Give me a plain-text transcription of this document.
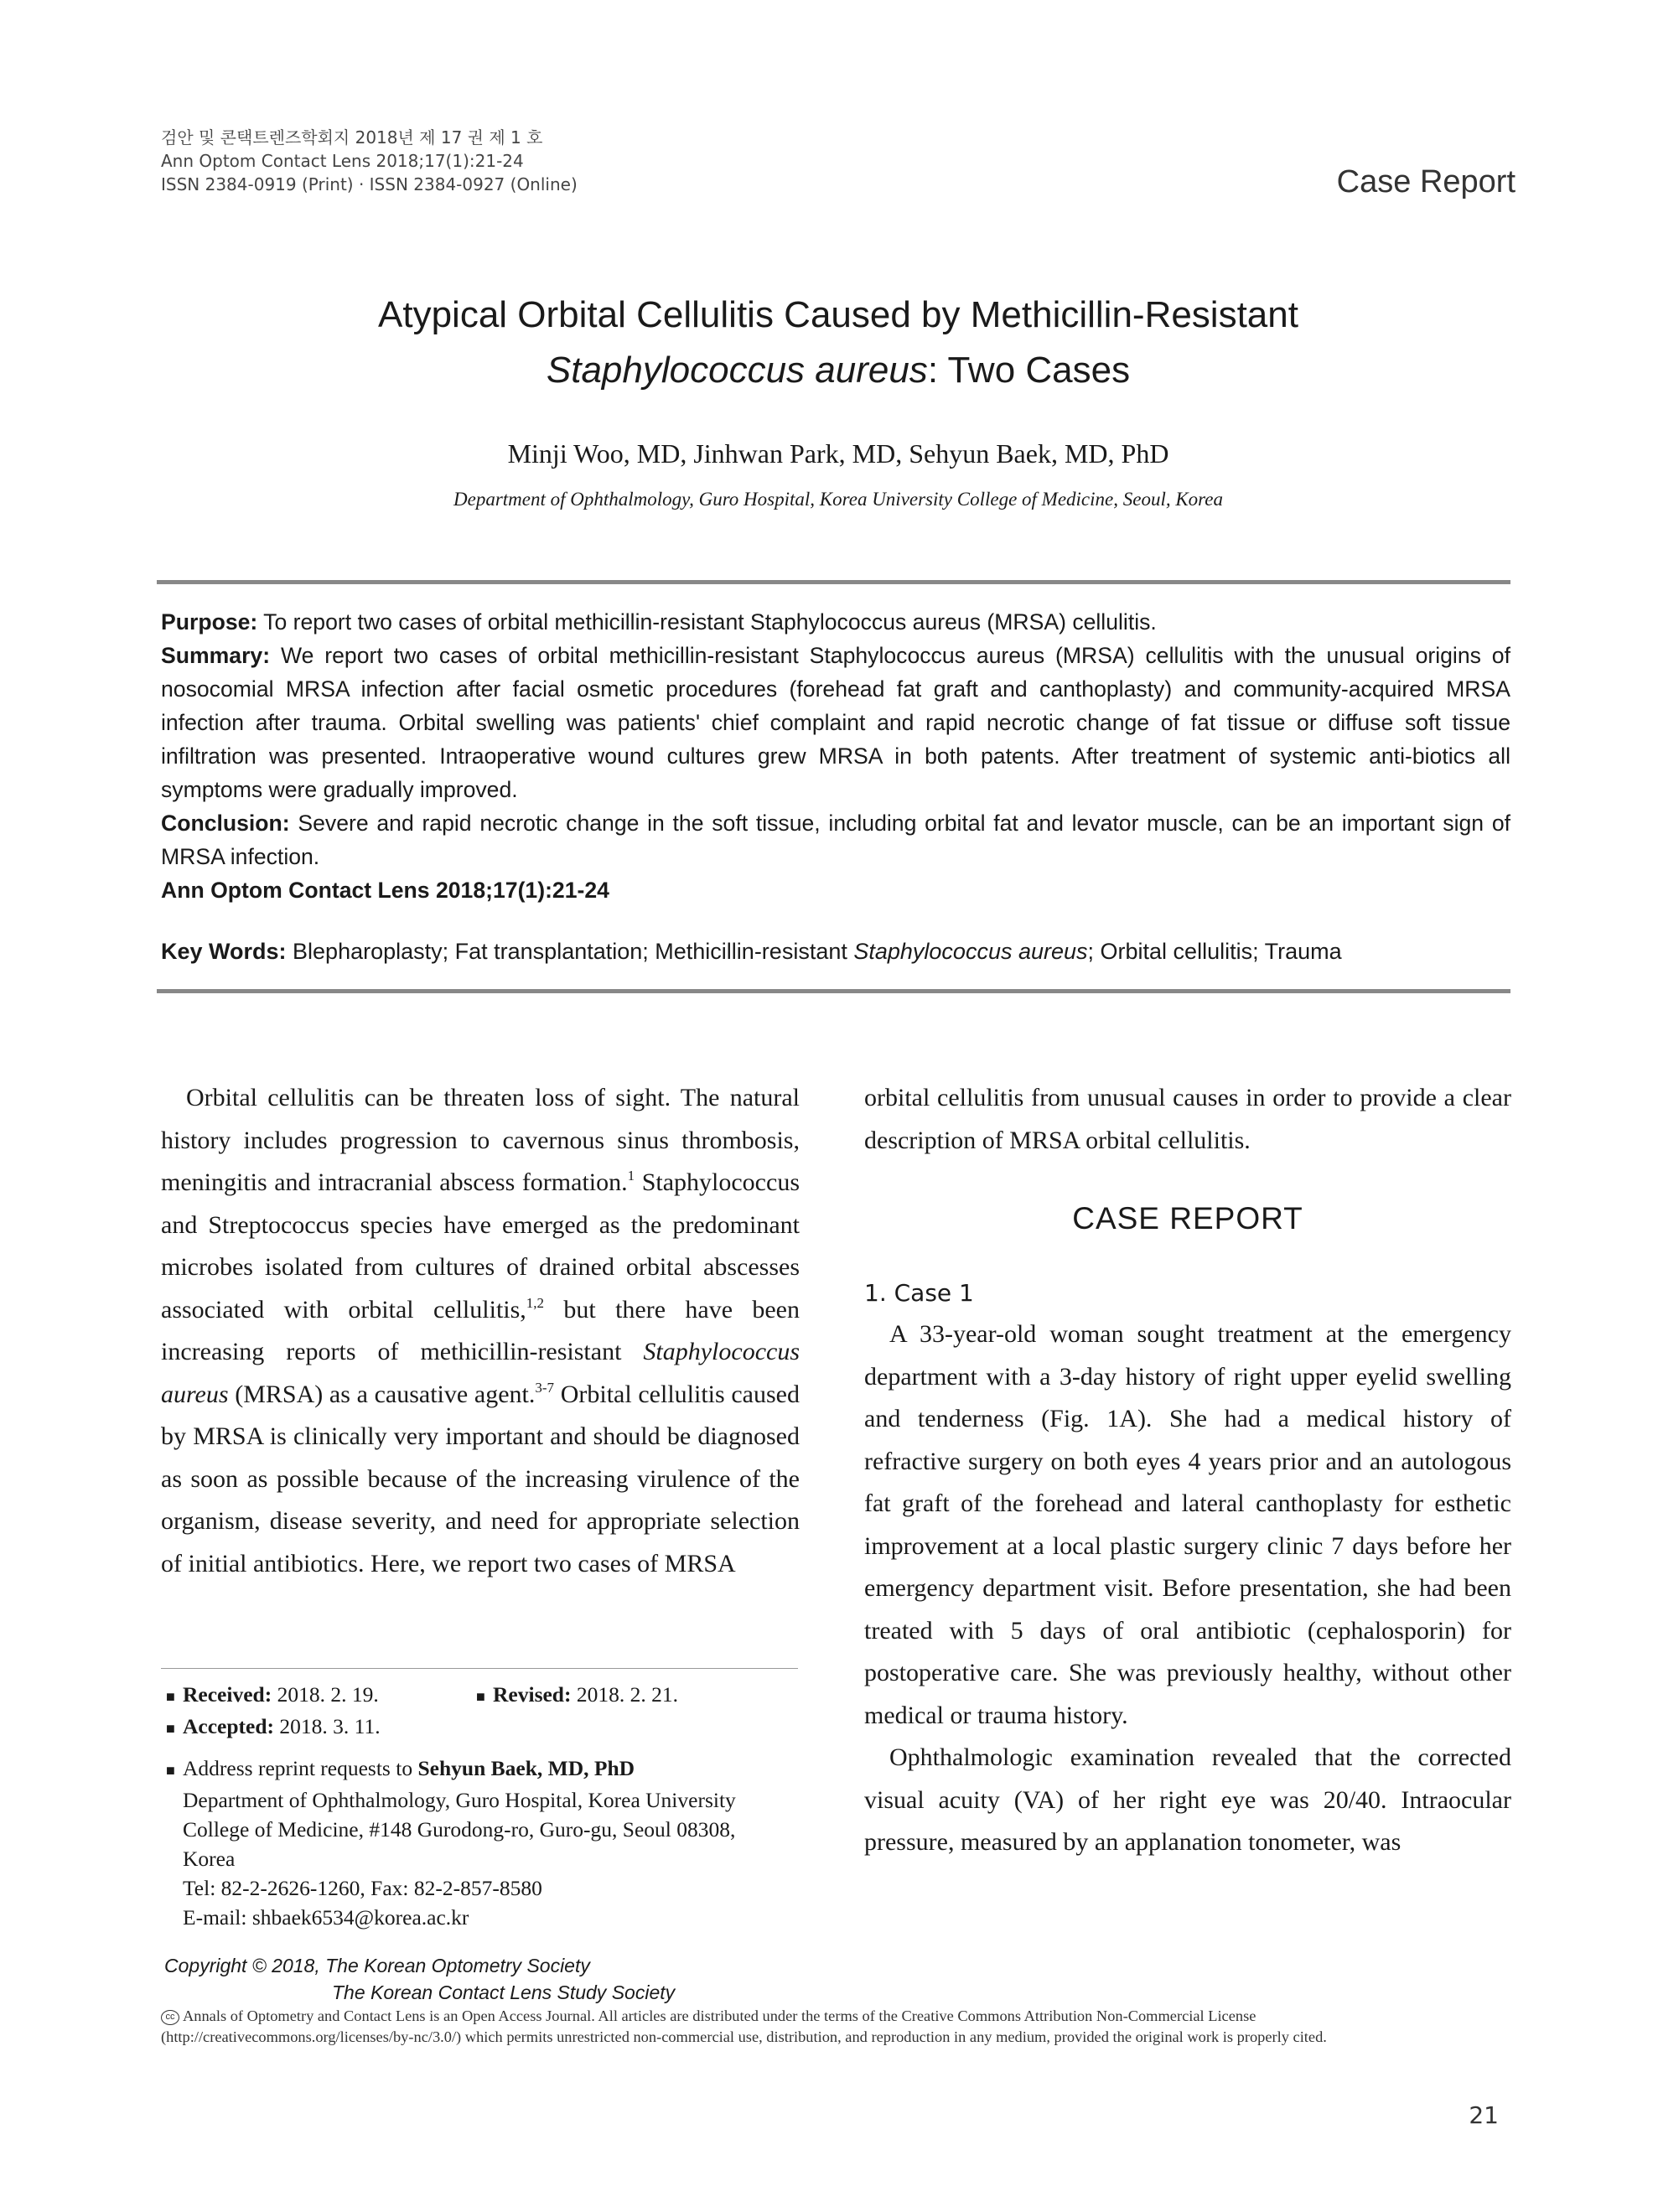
검안 및 콘택트렌즈학회지 2018년 제 17 권 제 1 호
Ann Optom Contact Lens 2018;17(1):21-24
ISSN 2384-0919 (Print) · ISSN 2384-0927 (Online)	Case Report
Atypical Orbital Cellulitis Caused by Methicillin-Resistant
Staphylococcus aureus: Two Cases
Minji Woo, MD, Jinhwan Park, MD, Sehyun Baek, MD, PhD
Department of Ophthalmology, Guro Hospital, Korea University College of Medicine, Seoul, Korea
Purpose: To report two cases of orbital methicillin-resistant Staphylococcus aureus (MRSA) cellulitis.
Summary: We report two cases of orbital methicillin-resistant Staphylococcus aureus (MRSA) cellulitis with the unusual origins of nosocomial MRSA infection after facial osmetic procedures (forehead fat graft and canthoplasty) and community-acquired MRSA infection after trauma. Orbital swelling was patients' chief complaint and rapid necrotic change of fat tissue or diffuse soft tissue infiltration was presented. Intraoperative wound cultures grew MRSA in both patents. After treatment of systemic anti-biotics all symptoms were gradually improved.
Conclusion: Severe and rapid necrotic change in the soft tissue, including orbital fat and levator muscle, can be an important sign of MRSA infection.
Ann Optom Contact Lens 2018;17(1):21-24
Key Words: Blepharoplasty; Fat transplantation; Methicillin-resistant Staphylococcus aureus; Orbital cellulitis; Trauma

Orbital cellulitis can be threaten loss of sight. The natural history includes progression to cavernous sinus thrombosis, meningitis and intracranial abscess formation.$^1$ Staphylococcus and Streptococcus species have emerged as the predominant microbes isolated from cultures of drained orbital abscesses associated with orbital cellulitis,$^{1,2}$ but there have been increasing reports of methicillin-resistant Staphylococcus aureus (MRSA) as a causative agent.$^{3-7}$ Orbital cellulitis caused by MRSA is clinically very important and should be diagnosed as soon as possible because of the increasing virulence of the organism, disease severity, and need for appropriate selection of initial antibiotics. Here, we report two cases of MRSA

orbital cellulitis from unusual causes in order to provide a clear description of MRSA orbital cellulitis.

CASE REPORT
1. Case 1

A 33-year-old woman sought treatment at the emergency department with a 3-day history of right upper eyelid swelling and tenderness (Fig. 1A). She had a medical history of refractive surgery on both eyes 4 years prior and an autologous fat graft of the forehead and lateral canthoplasty for esthetic improvement at a local plastic surgery clinic 7 days before her emergency department visit. Before presentation, she had been treated with 5 days of oral antibiotic (cephalosporin) for postoperative care. She was previously healthy, without other medical or trauma history.

Ophthalmologic examination revealed that the corrected visual acuity (VA) of her right eye was 20/40. Intraocular pressure, measured by an applanation tonometer, was

■ Received: 2018. 2. 19.	■ Revised: 2018. 2. 21.
■ Accepted: 2018. 3. 11.
■ Address reprint requests to Sehyun Baek, MD, PhD
Department of Ophthalmology, Guro Hospital, Korea University
College of Medicine, #148 Gurodong-ro, Guro-gu, Seoul 08308,
Korea
Tel: 82-2-2626-1260, Fax: 82-2-857-8580
E-mail: shbaek6534@korea.ac.kr
Copyright © 2018, The Korean Optometry Society
The Korean Contact Lens Study Society
cc Annals of Optometry and Contact Lens is an Open Access Journal. All articles are distributed under the terms of the Creative Commons Attribution Non-Commercial License (http://creativecommons.org/licenses/by-nc/3.0/) which permits unrestricted non-commercial use, distribution, and reproduction in any medium, provided the original work is properly cited.
21
